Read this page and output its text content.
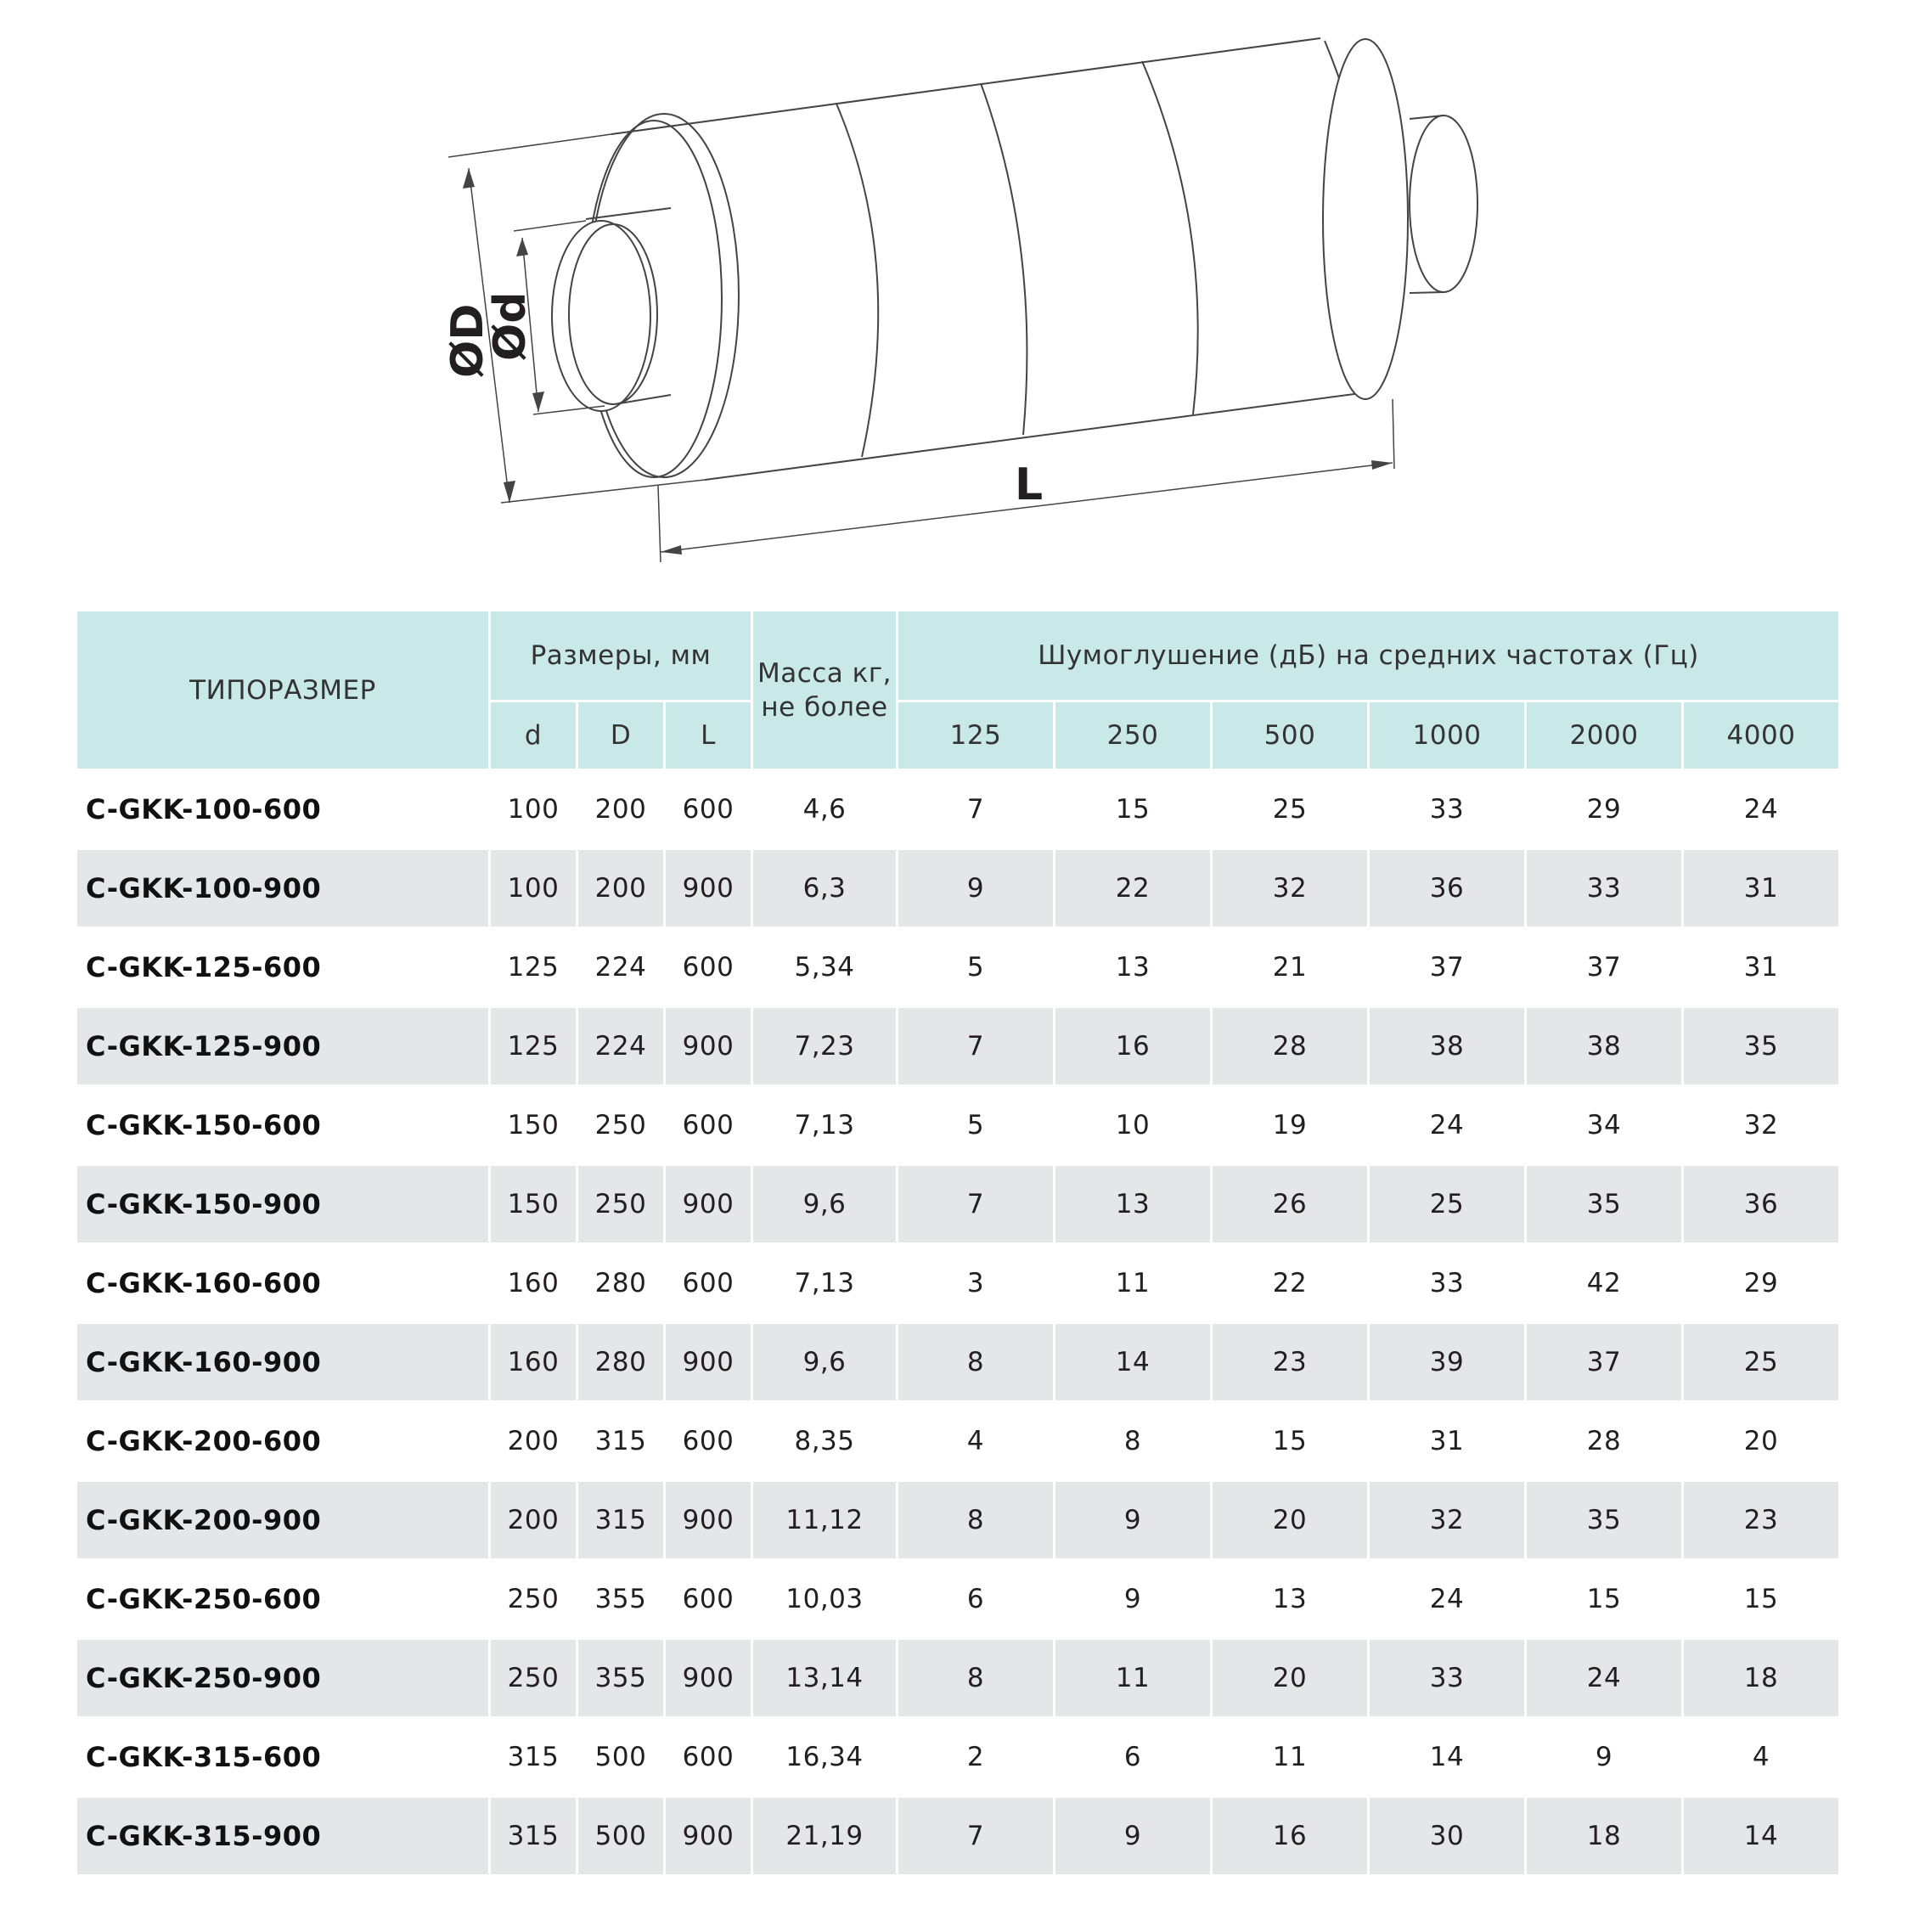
ØD
Ød
L
ТИПОРАЗМЕР	Размеры, мм			Масса кг,
не более	Шумоглушение (дБ) на средних частотах (Гц)					
	d	D	L		125	250	500	1000	2000	4000
C-GKK-100-600	100	200	600	4,6	7	15	25	33	29	24
C-GKK-100-900	100	200	900	6,3	9	22	32	36	33	31
C-GKK-125-600	125	224	600	5,34	5	13	21	37	37	31
C-GKK-125-900	125	224	900	7,23	7	16	28	38	38	35
C-GKK-150-600	150	250	600	7,13	5	10	19	24	34	32
C-GKK-150-900	150	250	900	9,6	7	13	26	25	35	36
C-GKK-160-600	160	280	600	7,13	3	11	22	33	42	29
C-GKK-160-900	160	280	900	9,6	8	14	23	39	37	25
C-GKK-200-600	200	315	600	8,35	4	8	15	31	28	20
C-GKK-200-900	200	315	900	11,12	8	9	20	32	35	23
C-GKK-250-600	250	355	600	10,03	6	9	13	24	15	15
C-GKK-250-900	250	355	900	13,14	8	11	20	33	24	18
C-GKK-315-600	315	500	600	16,34	2	6	11	14	9	4
C-GKK-315-900	315	500	900	21,19	7	9	16	30	18	14
